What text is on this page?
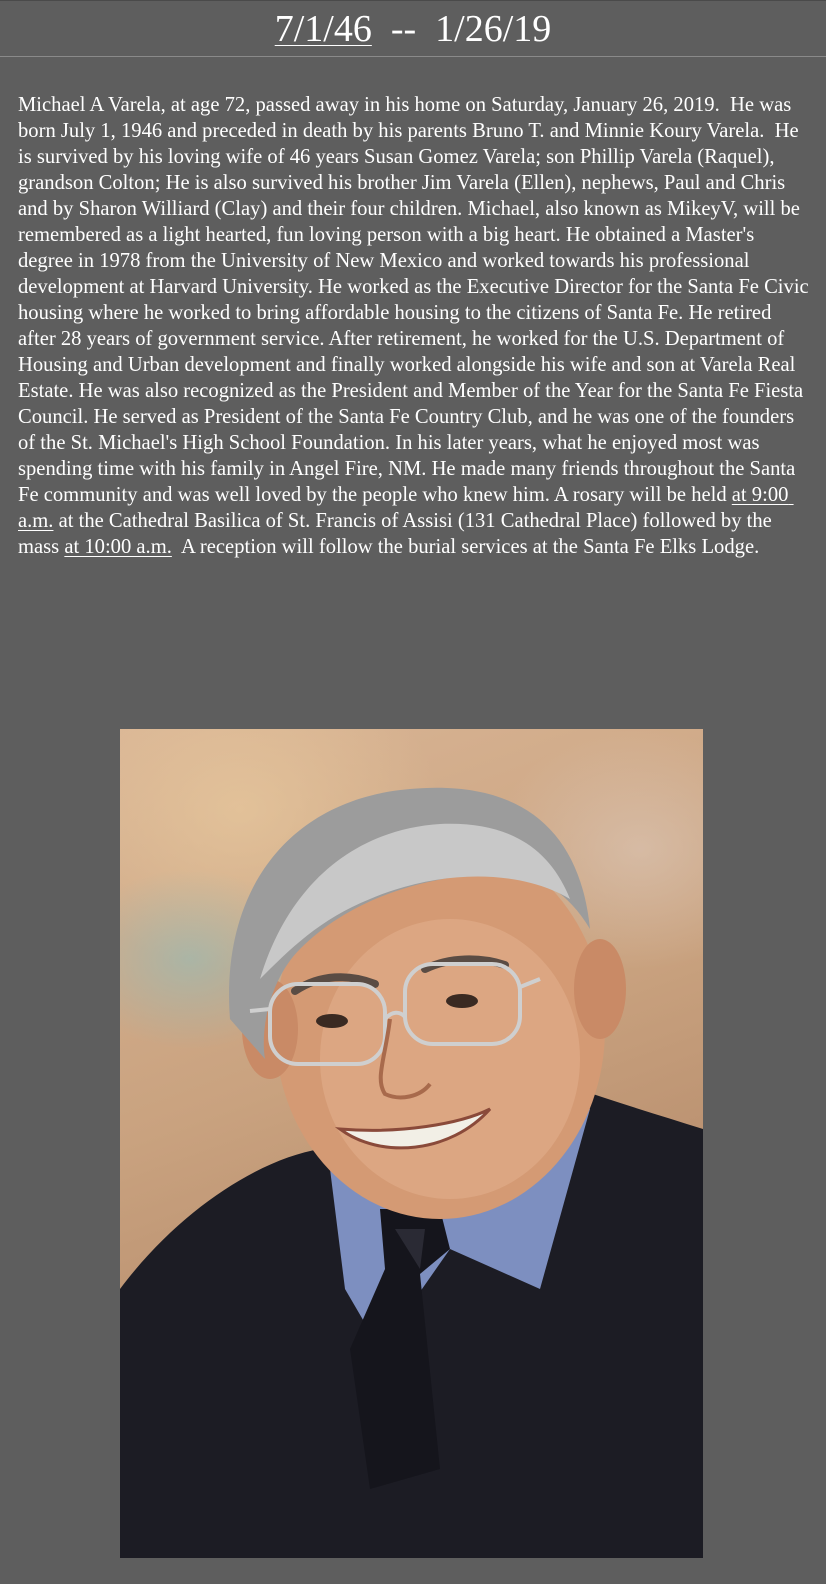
7/1/46  --  1/26/19

Michael A Varela, at age 72, passed away in his home on Saturday, January 26, 2019.  He was born July 1, 1946 and preceded in death by his parents Bruno T. and Minnie Koury Varela.  He is survived by his loving wife of 46 years Susan Gomez Varela; son Phillip Varela (Raquel), grandson Colton; He is also survived his brother Jim Varela (Ellen), nephews, Paul and Chris and by Sharon Williard (Clay) and their four children. Michael, also known as MikeyV, will be remembered as a light hearted, fun loving person with a big heart. He obtained a Master's degree in 1978 from the University of New Mexico and worked towards his professional development at Harvard University. He worked as the Executive Director for the Santa Fe Civic housing where he worked to bring affordable housing to the citizens of Santa Fe. He retired after 28 years of government service. After retirement, he worked for the U.S. Department of Housing and Urban development and finally worked alongside his wife and son at Varela Real Estate. He was also recognized as the President and Member of the Year for the Santa Fe Fiesta Council. He served as President of the Santa Fe Country Club, and he was one of the founders of the St. Michael's High School Foundation. In his later years, what he enjoyed most was spending time with his family in Angel Fire, NM. He made many friends throughout the Santa Fe community and was well loved by the people who knew him. A rosary will be held at 9:00 a.m. at the Cathedral Basilica of St. Francis of Assisi (131 Cathedral Place) followed by the mass at 10:00 a.m.  A reception will follow the burial services at the Santa Fe Elks Lodge.
